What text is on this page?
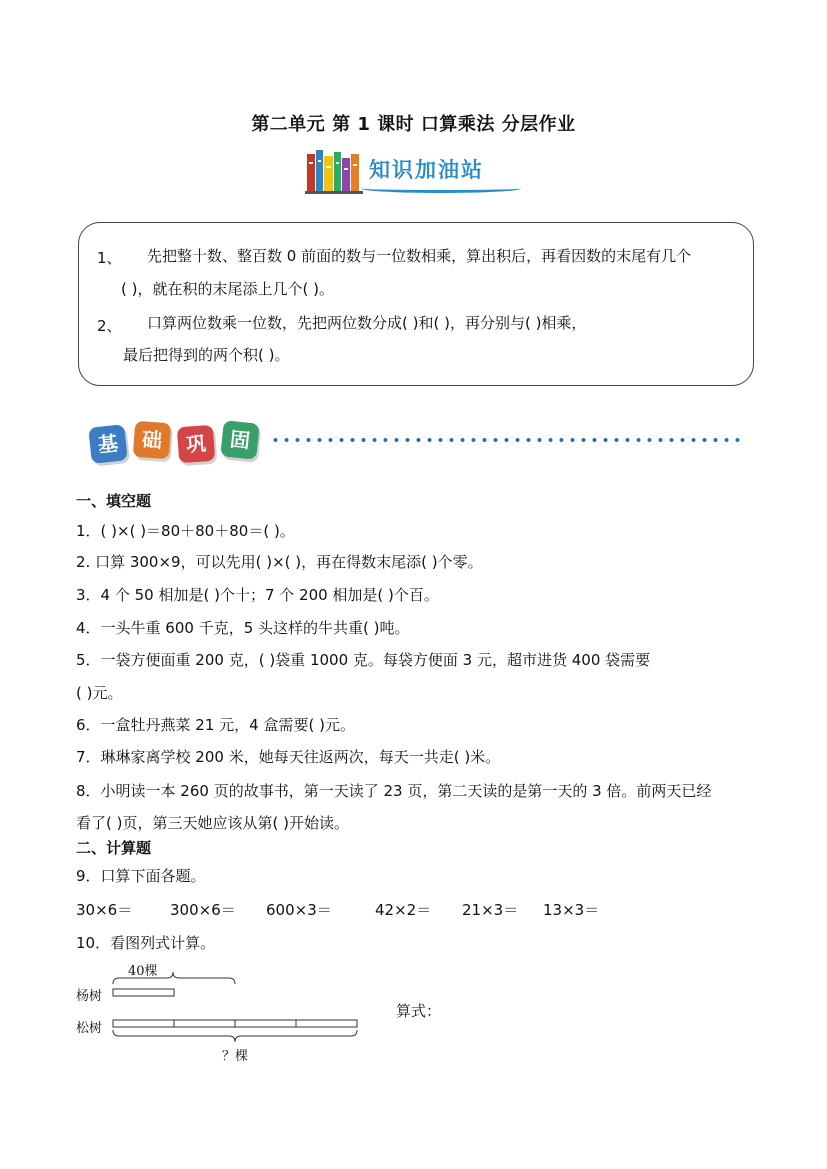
第二单元 第 1 课时 口算乘法 分层作业
知识加油站
1、 先把整十数、整百数 0 前面的数与一位数相乘，算出积后，再看因数的末尾有几个
( )，就在积的末尾添上几个( )。
2、 口算两位数乘一位数，先把两位数分成( )和( )，再分别与( )相乘，
最后把得到的两个积( )。
基	础	巩	固
一、填空题
1．( )×( )＝80＋80＋80＝( )。
2. 口算 300×9，可以先用( )×( )，再在得数末尾添( )个零。
3．4 个 50 相加是( )个十；7 个 200 相加是( )个百。
4．一头牛重 600 千克，5 头这样的牛共重( )吨。
5．一袋方便面重 200 克，( )袋重 1000 克。每袋方便面 3 元，超市进货 400 袋需要
( )元。
6．一盒牡丹燕菜 21 元，4 盒需要( )元。
7．琳琳家离学校 200 米，她每天往返两次，每天一共走( )米。
8．小明读一本 260 页的故事书，第一天读了 23 页，第二天读的是第一天的 3 倍。前两天已经
看了( )页，第三天她应该从第( )开始读。
二、计算题
9．口算下面各题。
30×6＝	300×6＝ 600×3＝	42×2＝ 21×3＝ 13×3＝
10．看图列式计算。
40棵
杨树
松树
？棵
算式：
